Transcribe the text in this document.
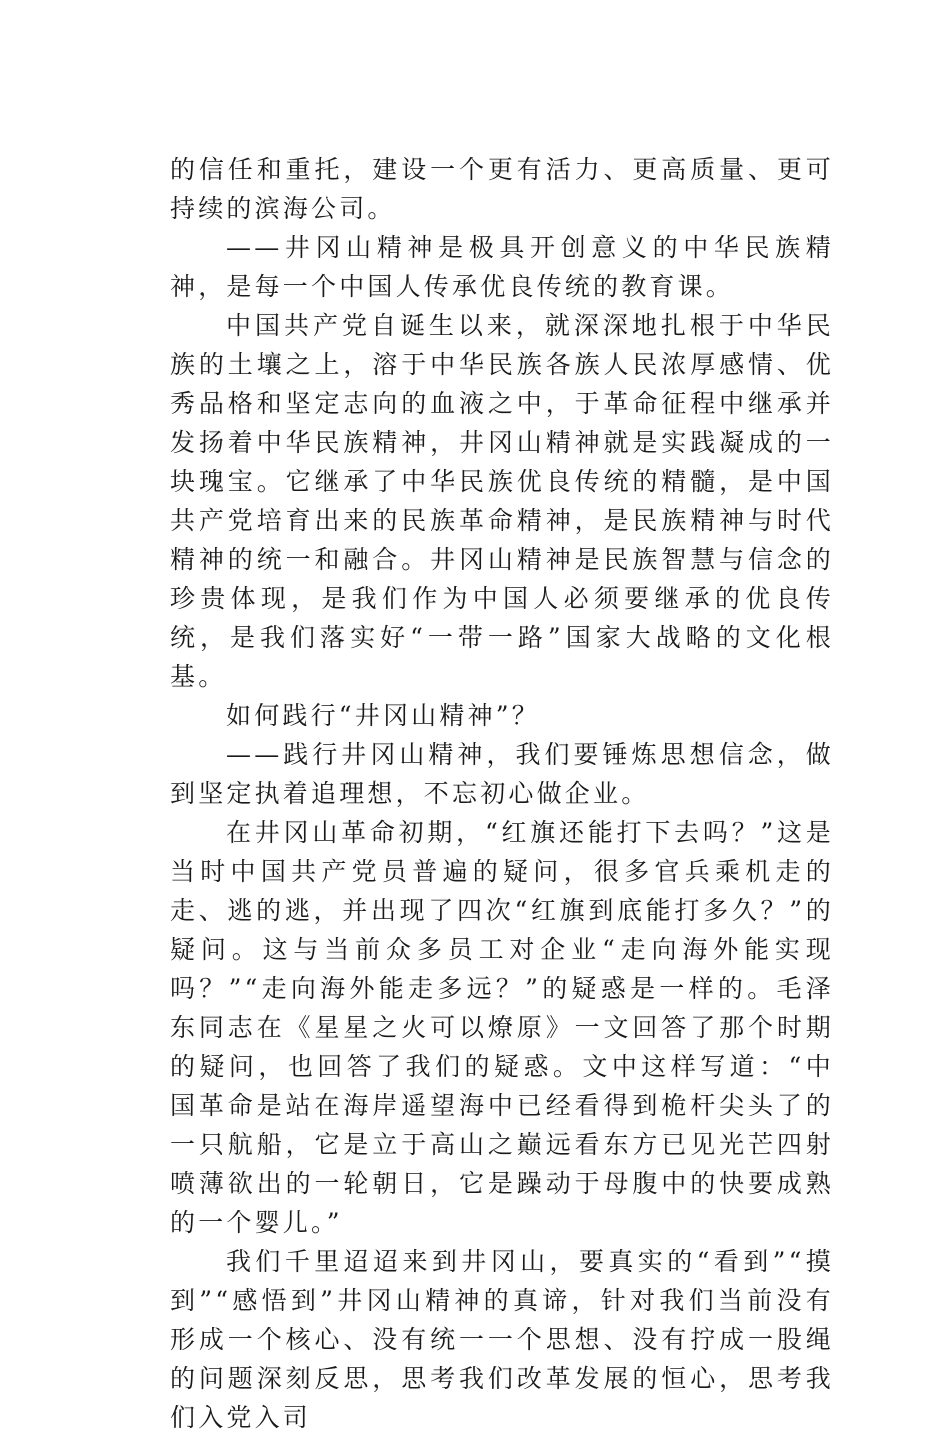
的信任和重托，建设一个更有活力、更高质量、更可持续的滨海公司。

——井冈山精神是极具开创意义的中华民族精神，是每一个中国人传承优良传统的教育课。

中国共产党自诞生以来，就深深地扎根于中华民族的土壤之上，溶于中华民族各族人民浓厚感情、优秀品格和坚定志向的血液之中，于革命征程中继承并发扬着中华民族精神，井冈山精神就是实践凝成的一块瑰宝。它继承了中华民族优良传统的精髓，是中国共产党培育出来的民族革命精神，是民族精神与时代精神的统一和融合。井冈山精神是民族智慧与信念的珍贵体现，是我们作为中国人必须要继承的优良传统，是我们落实好“一带一路”国家大战略的文化根基。

如何践行“井冈山精神”？

——践行井冈山精神，我们要锤炼思想信念，做到坚定执着追理想，不忘初心做企业。

在井冈山革命初期，“红旗还能打下去吗？”这是当时中国共产党员普遍的疑问，很多官兵乘机走的走、逃的逃，并出现了四次“红旗到底能打多久？”的疑问。这与当前众多员工对企业“走向海外能实现吗？”“走向海外能走多远？”的疑惑是一样的。毛泽东同志在《星星之火可以燎原》一文回答了那个时期的疑问，也回答了我们的疑惑。文中这样写道：“中国革命是站在海岸遥望海中已经看得到桅杆尖头了的一只航船，它是立于高山之巅远看东方已见光芒四射喷薄欲出的一轮朝日，它是躁动于母腹中的快要成熟的一个婴儿。”

我们千里迢迢来到井冈山，要真实的“看到”“摸到”“感悟到”井冈山精神的真谛，针对我们当前没有形成一个核心、没有统一一个思想、没有拧成一股绳的问题深刻反思，思考我们改革发展的恒心，思考我们入党入司
